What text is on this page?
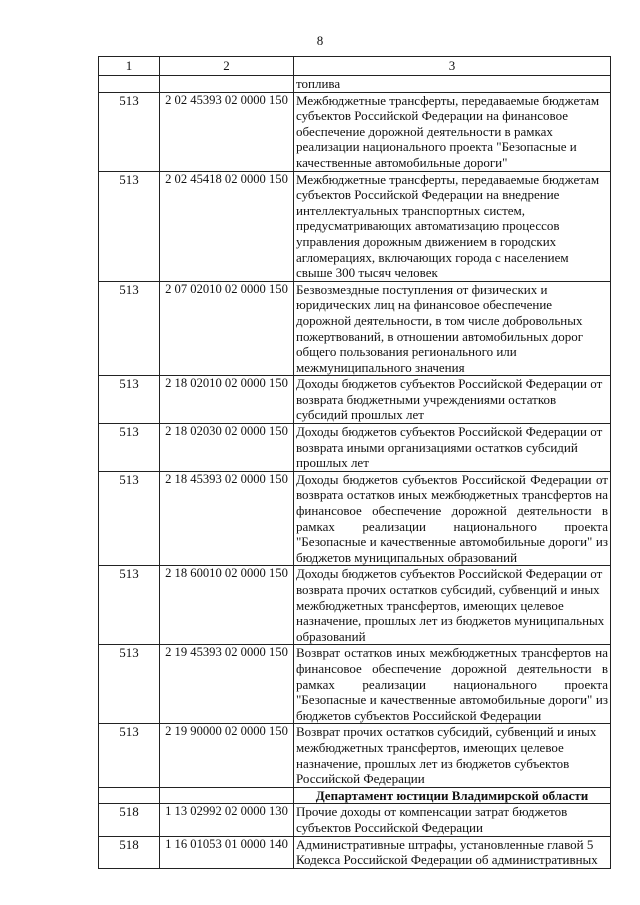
8
1	2	3
		топлива
513	2 02 45393 02 0000 150	Межбюджетные трансферты, передаваемые бюджетам субъектов Российской Федерации на финансовое обеспечение дорожной деятельности в рамках реализации национального проекта "Безопасные и качественные автомобильные дороги"
513	2 02 45418 02 0000 150	Межбюджетные трансферты, передаваемые бюджетам субъектов Российской Федерации на внедрение интеллектуальных транспортных систем, предусматривающих автоматизацию процессов управления дорожным движением в городских агломерациях, включающих города с населением свыше 300 тысяч человек
513	2 07 02010 02 0000 150	Безвозмездные поступления от физических и юридических лиц на финансовое обеспечение дорожной деятельности, в том числе добровольных пожертвований, в отношении автомобильных дорог общего пользования регионального или межмуниципального значения
513	2 18 02010 02 0000 150	Доходы бюджетов субъектов Российской Федерации от возврата бюджетными учреждениями остатков субсидий прошлых лет
513	2 18 02030 02 0000 150	Доходы бюджетов субъектов Российской Федерации от возврата иными организациями остатков субсидий прошлых лет
513	2 18 45393 02 0000 150	Доходы бюджетов субъектов Российской Федерации от возврата остатков иных межбюджетных трансфертов на финансовое обеспечение дорожной деятельности в рамках реализации национального проекта "Безопасные и качественные автомобильные дороги" из бюджетов муниципальных образований
513	2 18 60010 02 0000 150	Доходы бюджетов субъектов Российской Федерации от возврата прочих остатков субсидий, субвенций и иных межбюджетных трансфертов, имеющих целевое назначение, прошлых лет из бюджетов муниципальных образований
513	2 19 45393 02 0000 150	Возврат остатков иных межбюджетных трансфертов на финансовое обеспечение дорожной деятельности в рамках реализации национального проекта "Безопасные и качественные автомобильные дороги" из бюджетов субъектов Российской Федерации
513	2 19 90000 02 0000 150	Возврат прочих остатков субсидий, субвенций и иных межбюджетных трансфертов, имеющих целевое назначение, прошлых лет из бюджетов субъектов Российской Федерации
		Департамент юстиции Владимирской области
518	1 13 02992 02 0000 130	Прочие доходы от компенсации затрат бюджетов субъектов Российской Федерации
518	1 16 01053 01 0000 140	Административные штрафы, установленные главой 5 Кодекса Российской Федерации об административных
